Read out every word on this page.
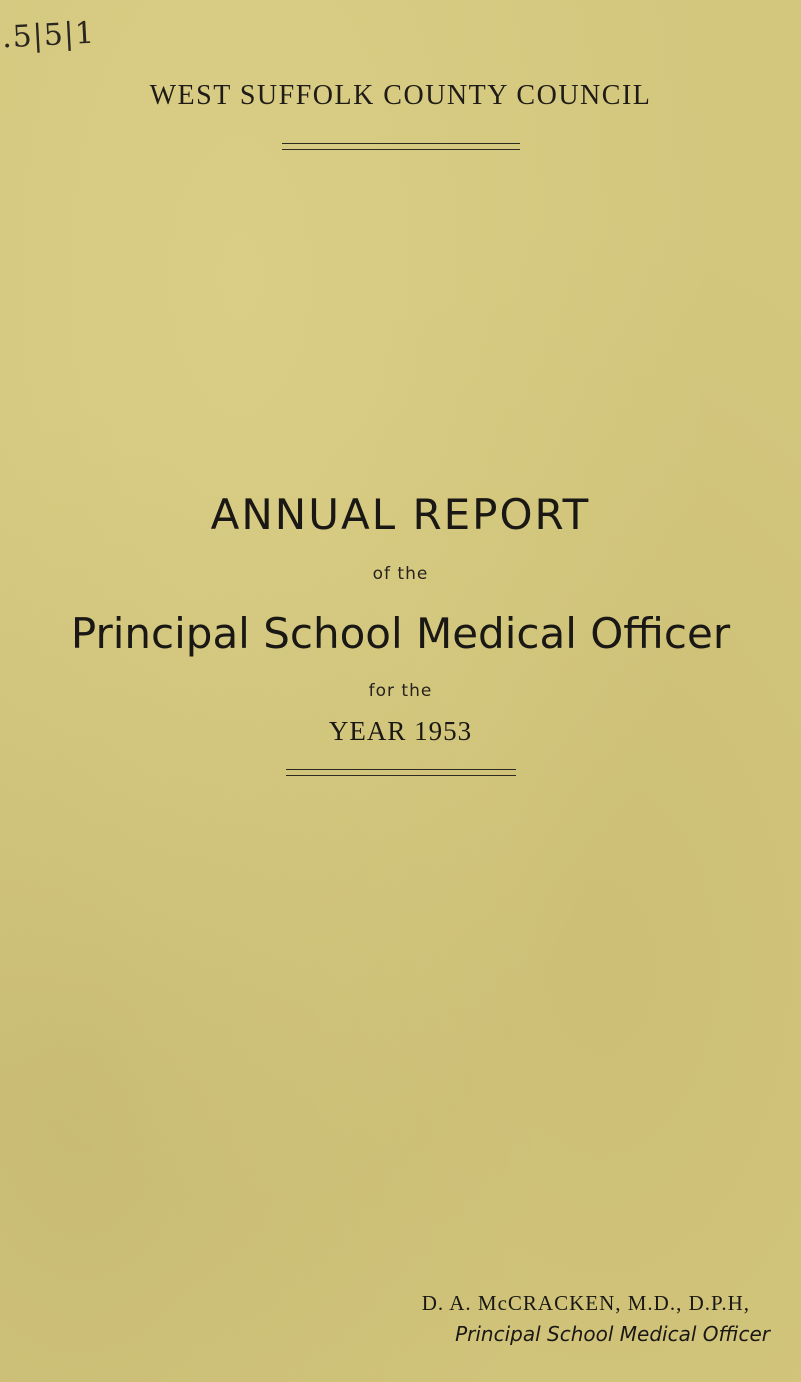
.5|5|1
WEST SUFFOLK COUNTY COUNCIL
ANNUAL REPORT
of the
Principal School Medical Officer
for the
YEAR 1953
D. A. McCRACKEN, M.D., D.P.H,
Principal School Medical Officer
